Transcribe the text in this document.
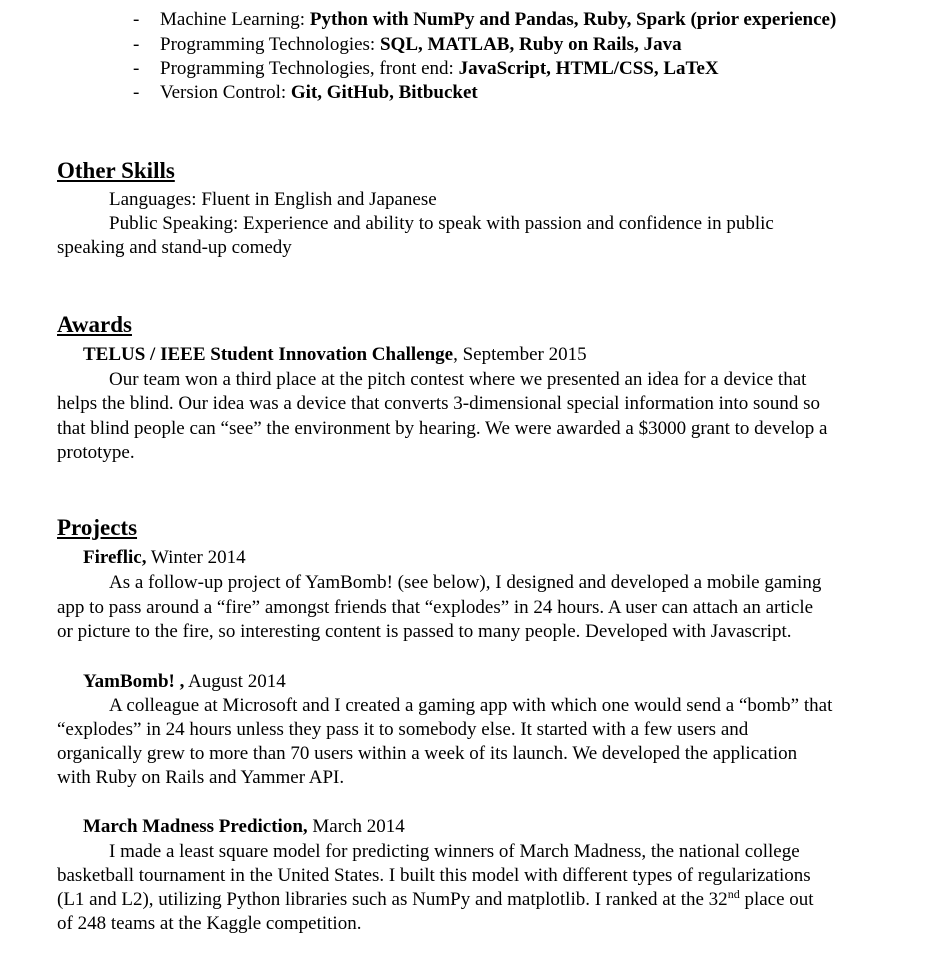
- Machine Learning: Python with NumPy and Pandas, Ruby, Spark (prior experience)
- Programming Technologies: SQL, MATLAB, Ruby on Rails, Java
- Programming Technologies, front end: JavaScript, HTML/CSS, LaTeX
- Version Control: Git, GitHub, Bitbucket
Other Skills
Languages: Fluent in English and Japanese
Public Speaking: Experience and ability to speak with passion and confidence in public
speaking and stand-up comedy
Awards
TELUS / IEEE Student Innovation Challenge, September 2015
Our team won a third place at the pitch contest where we presented an idea for a device that
helps the blind. Our idea was a device that converts 3-dimensional special information into sound so
that blind people can “see” the environment by hearing. We were awarded a $3000 grant to develop a
prototype.
Projects
Fireflic, Winter 2014
As a follow-up project of YamBomb! (see below), I designed and developed a mobile gaming
app to pass around a “fire” amongst friends that “explodes” in 24 hours. A user can attach an article
or picture to the fire, so interesting content is passed to many people. Developed with Javascript.
YamBomb! , August 2014
A colleague at Microsoft and I created a gaming app with which one would send a “bomb” that
“explodes” in 24 hours unless they pass it to somebody else. It started with a few users and
organically grew to more than 70 users within a week of its launch. We developed the application
with Ruby on Rails and Yammer API.
March Madness Prediction, March 2014
I made a least square model for predicting winners of March Madness, the national college
basketball tournament in the United States. I built this model with different types of regularizations
(L1 and L2), utilizing Python libraries such as NumPy and matplotlib. I ranked at the 32nd place out
of 248 teams at the Kaggle competition.
